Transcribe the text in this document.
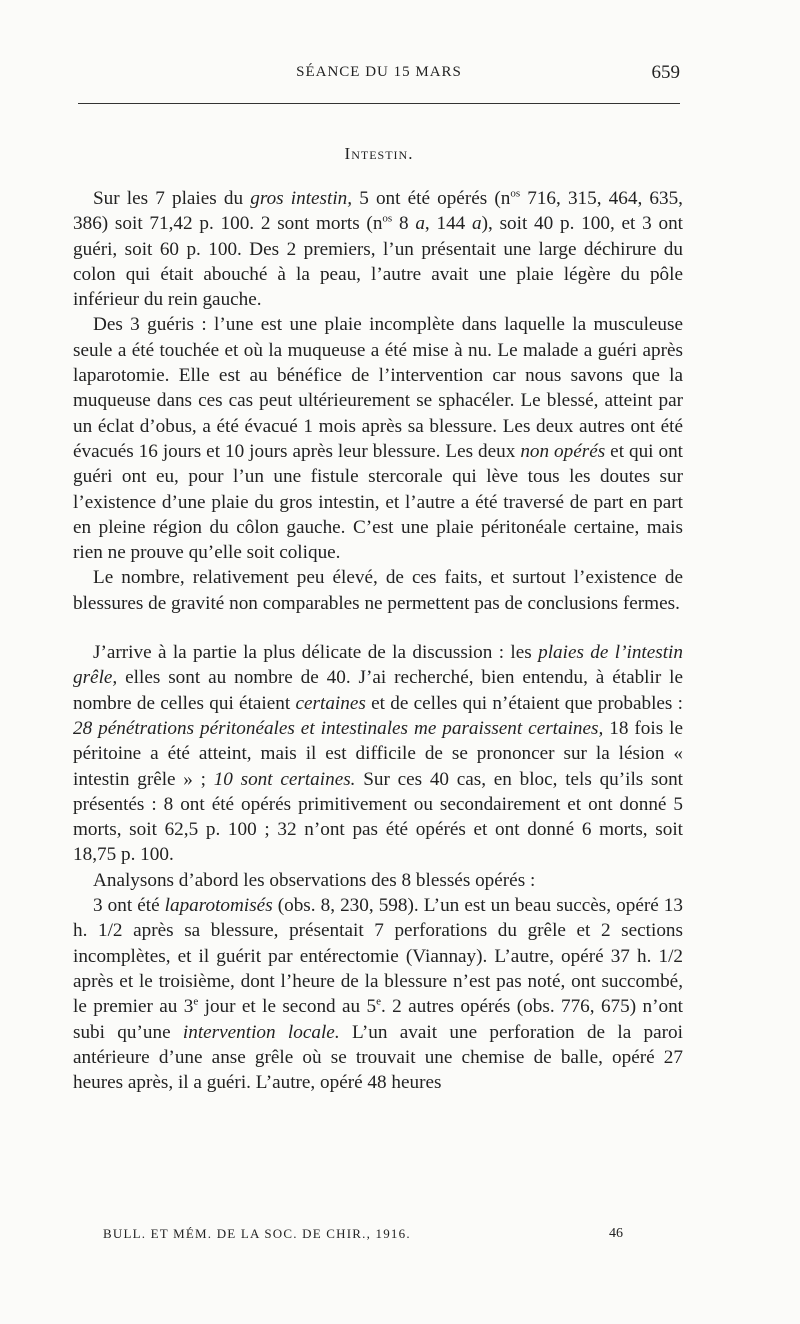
SÉANCE DU 15 MARS	659
Intestin.

Sur les 7 plaies du gros intestin, 5 ont été opérés ($n^{os}$ 716, 315, 464, 635, 386) soit 71,42 p. 100. 2 sont morts ($n^{os}$ 8 a, 144 a), soit 40 p. 100, et 3 ont guéri, soit 60 p. 100. Des 2 premiers, l’un présentait une large déchirure du colon qui était abouché à la peau, l’autre avait une plaie légère du pôle inférieur du rein gauche.

Des 3 guéris : l’une est une plaie incomplète dans laquelle la musculeuse seule a été touchée et où la muqueuse a été mise à nu. Le malade a guéri après laparotomie. Elle est au bénéfice de l’intervention car nous savons que la muqueuse dans ces cas peut ultérieurement se sphacéler. Le blessé, atteint par un éclat d’obus, a été évacué 1 mois après sa blessure. Les deux autres ont été évacués 16 jours et 10 jours après leur blessure. Les deux non opérés et qui ont guéri ont eu, pour l’un une fistule stercorale qui lève tous les doutes sur l’existence d’une plaie du gros intestin, et l’autre a été traversé de part en part en pleine région du côlon gauche. C’est une plaie péritonéale certaine, mais rien ne prouve qu’elle soit colique.

Le nombre, relativement peu élevé, de ces faits, et surtout l’existence de blessures de gravité non comparables ne permettent pas de conclusions fermes.

J’arrive à la partie la plus délicate de la discussion : les plaies de l’intestin grêle, elles sont au nombre de 40. J’ai recherché, bien entendu, à établir le nombre de celles qui étaient certaines et de celles qui n’étaient que probables : 28 pénétrations péritonéales et intestinales me paraissent certaines, 18 fois le péritoine a été atteint, mais il est difficile de se prononcer sur la lésion « intestin grêle » ; 10 sont certaines. Sur ces 40 cas, en bloc, tels qu’ils sont présentés : 8 ont été opérés primitivement ou secondairement et ont donné 5 morts, soit 62,5 p. 100 ; 32 n’ont pas été opérés et ont donné 6 morts, soit 18,75 p. 100.

Analysons d’abord les observations des 8 blessés opérés :

3 ont été laparotomisés (obs. 8, 230, 598). L’un est un beau succès, opéré 13 h. 1/2 après sa blessure, présentait 7 perforations du grêle et 2 sections incomplètes, et il guérit par entérectomie (Viannay). L’autre, opéré 37 h. 1/2 après et le troisième, dont l’heure de la blessure n’est pas noté, ont succombé, le premier au 3e jour et le second au 5e. 2 autres opérés (obs. 776, 675) n’ont subi qu’une intervention locale. L’un avait une perforation de la paroi antérieure d’une anse grêle où se trouvait une chemise de balle, opéré 27 heures après, il a guéri. L’autre, opéré 48 heures

BULL. ET MÉM. DE LA SOC. DE CHIR., 1916.	46
